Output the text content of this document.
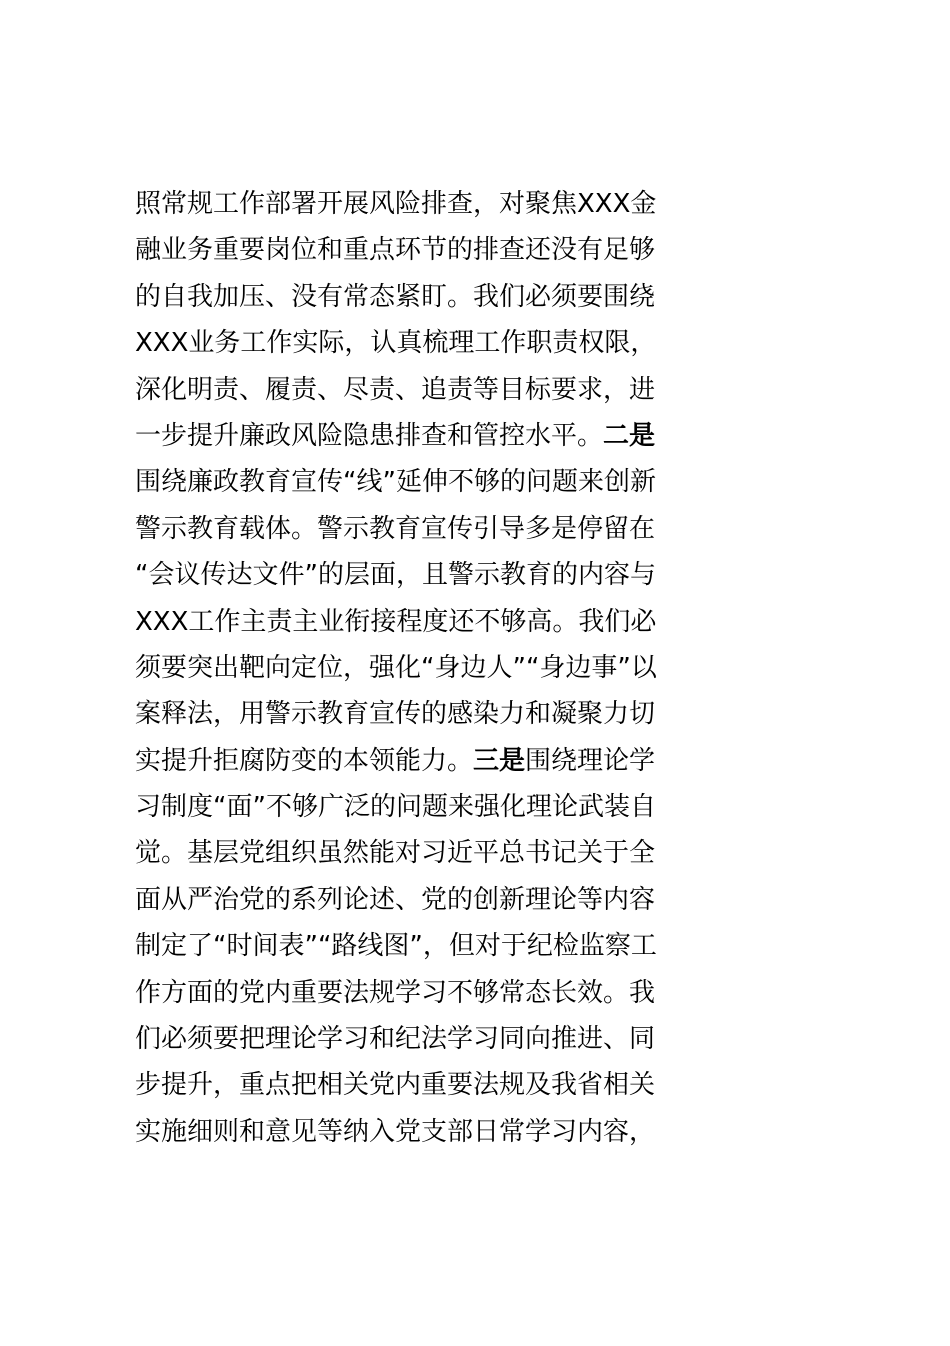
照常规工作部署开展风险排查，对聚焦XXX金
融业务重要岗位和重点环节的排查还没有足够
的自我加压、没有常态紧盯。我们必须要围绕
XXX业务工作实际，认真梳理工作职责权限，
深化明责、履责、尽责、追责等目标要求，进
一步提升廉政风险隐患排查和管控水平。二是
围绕廉政教育宣传“线”延伸不够的问题来创新
警示教育载体。警示教育宣传引导多是停留在
“会议传达文件”的层面，且警示教育的内容与
XXX工作主责主业衔接程度还不够高。我们必
须要突出靶向定位，强化“身边人”“身边事”以
案释法，用警示教育宣传的感染力和凝聚力切
实提升拒腐防变的本领能力。三是围绕理论学
习制度“面”不够广泛的问题来强化理论武装自
觉。基层党组织虽然能对习近平总书记关于全
面从严治党的系列论述、党的创新理论等内容
制定了“时间表”“路线图”，但对于纪检监察工
作方面的党内重要法规学习不够常态长效。我
们必须要把理论学习和纪法学习同向推进、同
步提升，重点把相关党内重要法规及我省相关
实施细则和意见等纳入党支部日常学习内容，
